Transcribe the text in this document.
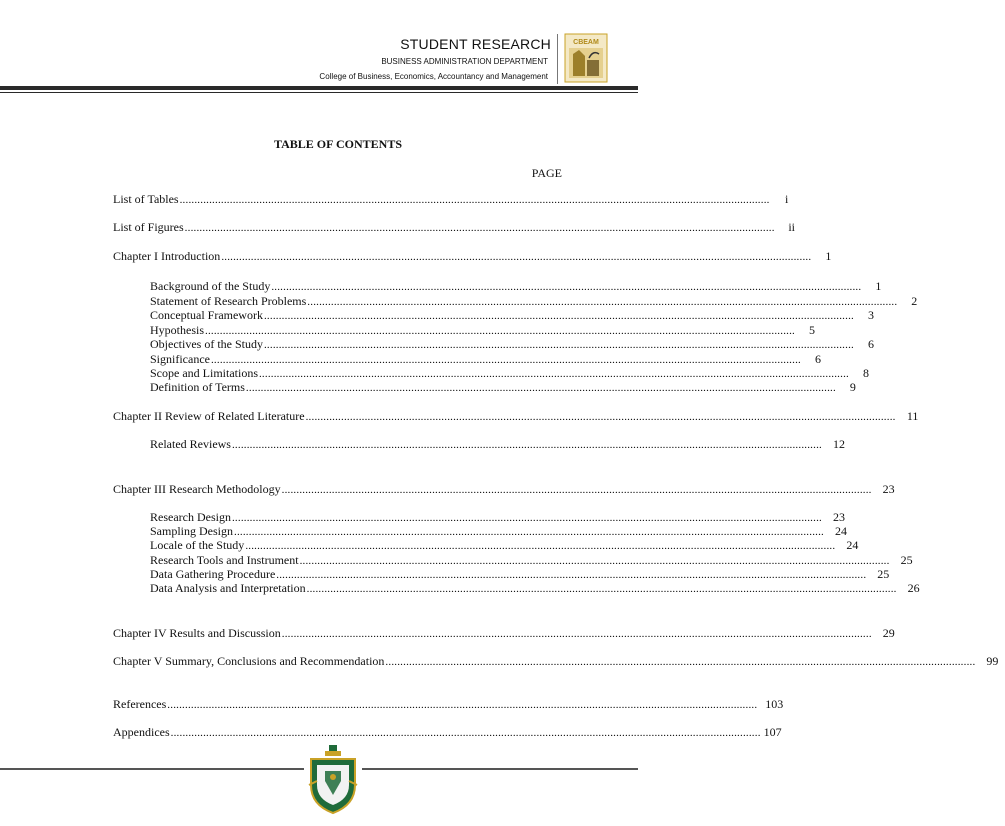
STUDENT RESEARCH
BUSINESS ADMINISTRATION DEPARTMENT
College of Business, Economics, Accountancy and Management
CBEAM
TABLE OF CONTENTS
PAGE
List of Tables ........................................................................................................................................................................................................	i
List of Figures ........................................................................................................................................................................................................	ii
Chapter I Introduction ........................................................................................................................................................................................................	1
Background of the Study ........................................................................................................................................................................................................	1
Statement of Research Problems ........................................................................................................................................................................................................	2
Conceptual Framework ........................................................................................................................................................................................................	3
Hypothesis ........................................................................................................................................................................................................	5
Objectives of the Study ........................................................................................................................................................................................................	6
Significance ........................................................................................................................................................................................................	6
Scope and Limitations ........................................................................................................................................................................................................	8
Definition of Terms ........................................................................................................................................................................................................	9
Chapter II Review of Related Literature ........................................................................................................................................................................................................ 11
Related Reviews ........................................................................................................................................................................................................ 12
Chapter III Research Methodology ........................................................................................................................................................................................................ 23
Research Design ........................................................................................................................................................................................................ 23
Sampling Design ........................................................................................................................................................................................................ 24
Locale of the Study ........................................................................................................................................................................................................ 24
Research Tools and Instrument ........................................................................................................................................................................................................ 25
Data Gathering Procedure ........................................................................................................................................................................................................ 25
Data Analysis and Interpretation ........................................................................................................................................................................................................ 26
Chapter IV Results and Discussion ........................................................................................................................................................................................................ 29
Chapter V Summary, Conclusions and Recommendation ........................................................................................................................................................................................................ 99
References ........................................................................................................................................................................................................ 103
Appendices ........................................................................................................................................................................................................ 107
